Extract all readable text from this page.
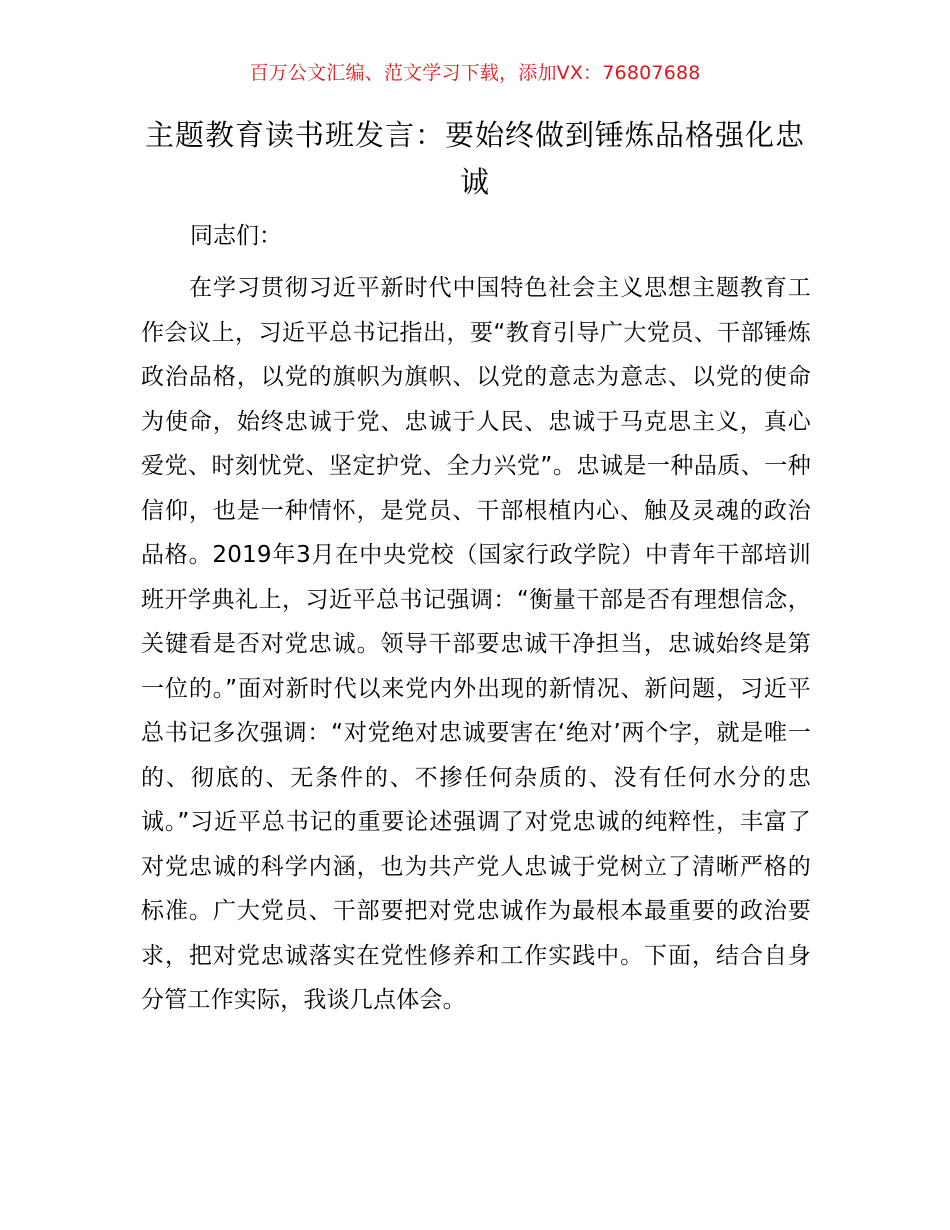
百万公文汇编、范文学习下载，添加VX：76807688
主题教育读书班发言：要始终做到锤炼品格强化忠诚
同志们：

在学习贯彻习近平新时代中国特色社会主义思想主题教育工作会议上，习近平总书记指出，要“教育引导广大党员、干部锤炼政治品格，以党的旗帜为旗帜、以党的意志为意志、以党的使命为使命，始终忠诚于党、忠诚于人民、忠诚于马克思主义，真心爱党、时刻忧党、坚定护党、全力兴党”。忠诚是一种品质、一种信仰，也是一种情怀，是党员、干部根植内心、触及灵魂的政治品格。2019年3月在中央党校（国家行政学院）中青年干部培训班开学典礼上，习近平总书记强调：“衡量干部是否有理想信念，关键看是否对党忠诚。领导干部要忠诚干净担当，忠诚始终是第一位的。”面对新时代以来党内外出现的新情况、新问题，习近平总书记多次强调：“对党绝对忠诚要害在‘绝对’两个字，就是唯一的、彻底的、无条件的、不掺任何杂质的、没有任何水分的忠诚。”习近平总书记的重要论述强调了对党忠诚的纯粹性，丰富了对党忠诚的科学内涵，也为共产党人忠诚于党树立了清晰严格的标准。广大党员、干部要把对党忠诚作为最根本最重要的政治要求，把对党忠诚落实在党性修养和工作实践中。下面，结合自身分管工作实际，我谈几点体会。
